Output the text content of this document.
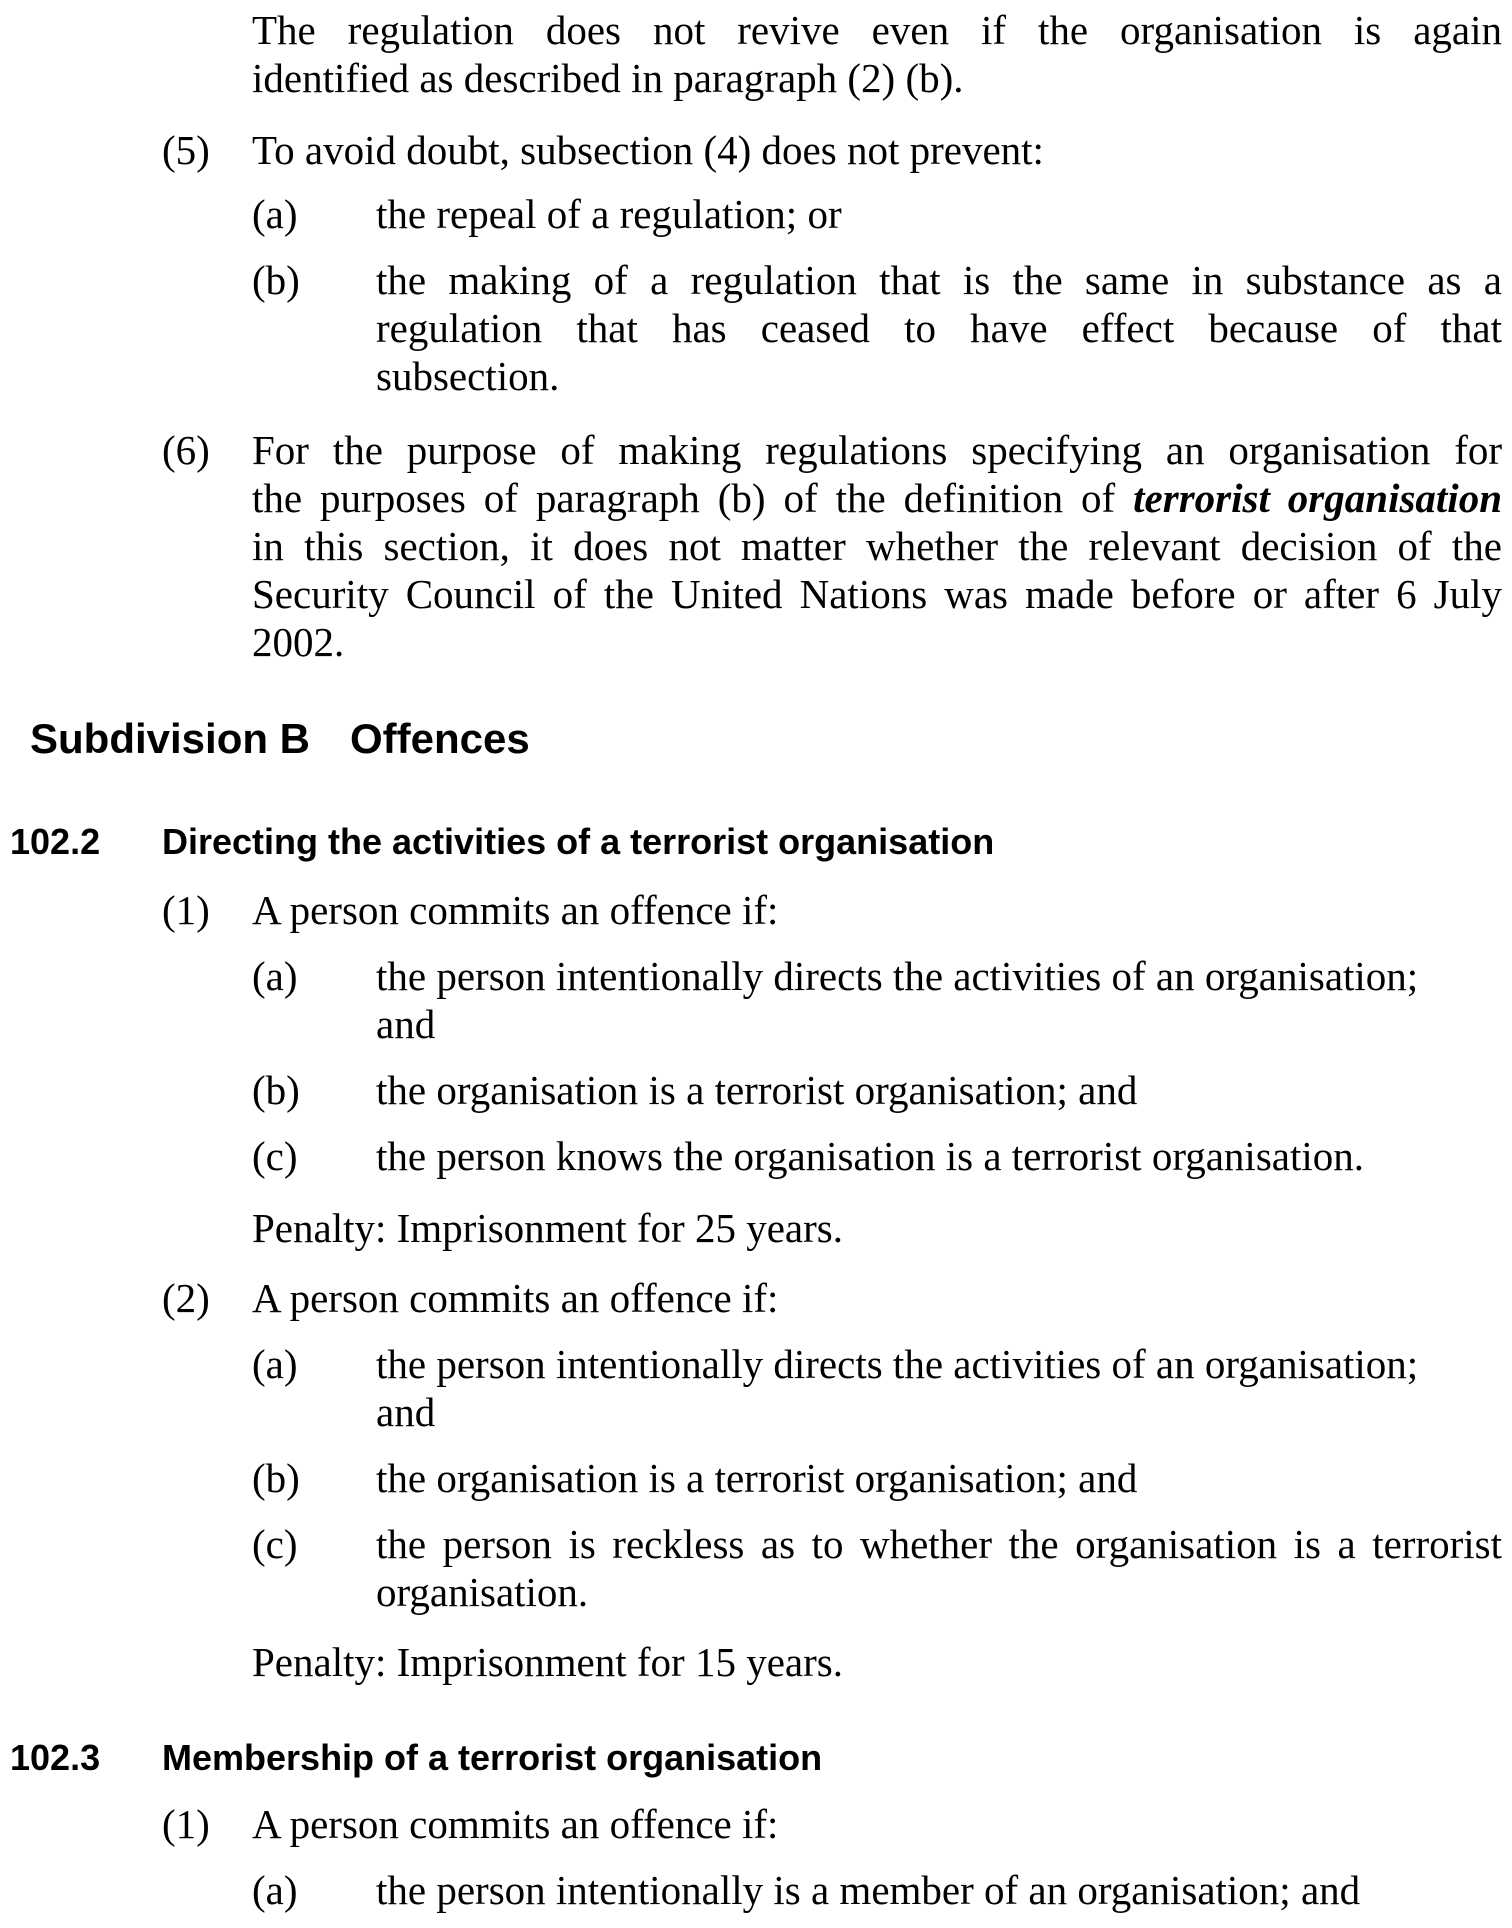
The regulation does not revive even if the organisation is again

identified as described in paragraph (2) (b).

(5) To avoid doubt, subsection (4) does not prevent:

(a) the repeal of a regulation; or

(b) the making of a regulation that is the same in substance as a

regulation that has ceased to have effect because of that

subsection.

(6) For the purpose of making regulations specifying an organisation for

the purposes of paragraph (b) of the definition of terrorist organisation

in this section, it does not matter whether the relevant decision of the

Security Council of the United Nations was made before or after 6 July

2002.

Subdivision B Offences
102.2 Directing the activities of a terrorist organisation
(1) A person commits an offence if:

(a) the person intentionally directs the activities of an organisation;

and

(b) the organisation is a terrorist organisation; and

(c) the person knows the organisation is a terrorist organisation.

Penalty: Imprisonment for 25 years.

(2) A person commits an offence if:

(a) the person intentionally directs the activities of an organisation;

and

(b) the organisation is a terrorist organisation; and

(c) the person is reckless as to whether the organisation is a terrorist

organisation.

Penalty: Imprisonment for 15 years.

102.3 Membership of a terrorist organisation
(1) A person commits an offence if:

(a) the person intentionally is a member of an organisation; and
